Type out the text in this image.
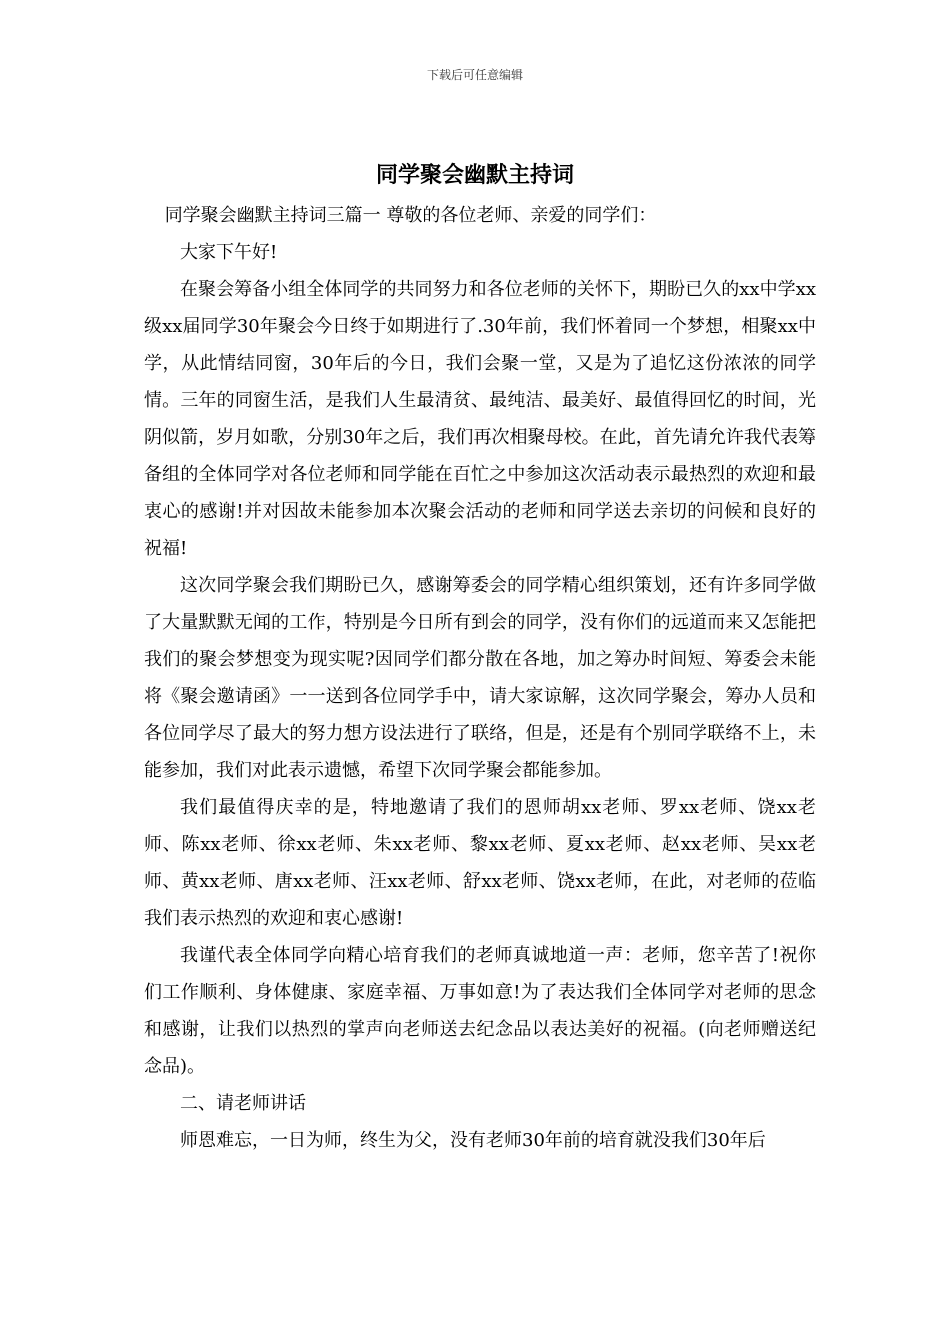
下载后可任意编辑
同学聚会幽默主持词

同学聚会幽默主持词三篇一 尊敬的各位老师、亲爱的同学们：

大家下午好!

在聚会筹备小组全体同学的共同努力和各位老师的关怀下，期盼已久的xx中学xx级xx届同学30年聚会今日终于如期进行了.30年前，我们怀着同一个梦想，相聚xx中学，从此情结同窗，30年后的今日，我们会聚一堂，又是为了追忆这份浓浓的同学情。三年的同窗生活，是我们人生最清贫、最纯洁、最美好、最值得回忆的时间，光阴似箭，岁月如歌，分别30年之后，我们再次相聚母校。在此，首先请允许我代表筹备组的全体同学对各位老师和同学能在百忙之中参加这次活动表示最热烈的欢迎和最衷心的感谢!并对因故未能参加本次聚会活动的老师和同学送去亲切的问候和良好的祝福!

这次同学聚会我们期盼已久，感谢筹委会的同学精心组织策划，还有许多同学做了大量默默无闻的工作，特别是今日所有到会的同学，没有你们的远道而来又怎能把我们的聚会梦想变为现实呢?因同学们都分散在各地，加之筹办时间短、筹委会未能将《聚会邀请函》一一送到各位同学手中，请大家谅解，这次同学聚会，筹办人员和各位同学尽了最大的努力想方设法进行了联络，但是，还是有个别同学联络不上，未能参加，我们对此表示遗憾，希望下次同学聚会都能参加。

我们最值得庆幸的是，特地邀请了我们的恩师胡xx老师、罗xx老师、饶xx老师、陈xx老师、徐xx老师、朱xx老师、黎xx老师、夏xx老师、赵xx老师、吴xx老师、黄xx老师、唐xx老师、汪xx老师、舒xx老师、饶xx老师，在此，对老师的莅临我们表示热烈的欢迎和衷心感谢!

我谨代表全体同学向精心培育我们的老师真诚地道一声：老师，您辛苦了!祝你们工作顺利、身体健康、家庭幸福、万事如意!为了表达我们全体同学对老师的思念和感谢，让我们以热烈的掌声向老师送去纪念品以表达美好的祝福。(向老师赠送纪念品)。

二、请老师讲话

师恩难忘，一日为师，终生为父，没有老师30年前的培育就没我们30年后
